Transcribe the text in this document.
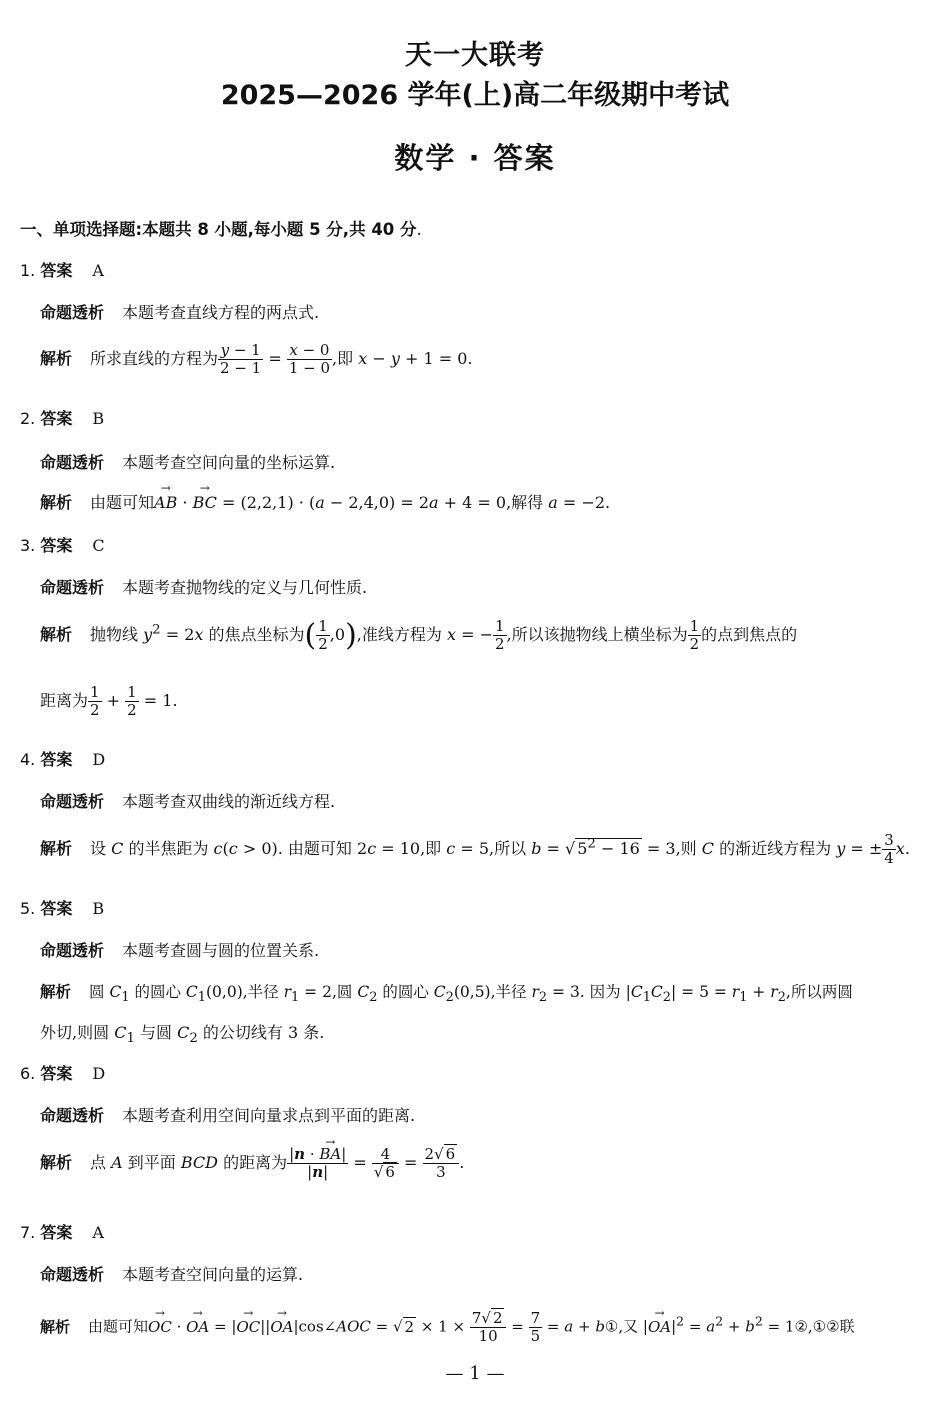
天一大联考
2025—2026 学年(上)高二年级期中考试
数学 · 答案
一、单项选择题:本题共 8 小题,每小题 5 分,共 40 分.
1. 答案 A
命题透析 本题考查直线方程的两点式.
解析 所求直线的方程为 $\frac{y - 1}{2 - 1} = \frac{x - 0}{1 - 0}$ ,即 x − y + 1 = 0.
2. 答案 B
命题透析 本题考查空间向量的坐标运算.
解析 由题可知→ AB · → BC = (2,2,1) · (a − 2,4,0) = 2a + 4 = 0,解得 a = −2.
3. 答案 C
命题透析 本题考查抛物线的定义与几何性质.
解析 抛物线 $y^2 = 2x$ 的焦点坐标为( $\frac{1}{2} ,0$),准线方程为 x = − $\frac{1}{2}$ ,所以该抛物线上横坐标为 $\frac{1}{2}$ 的点到焦点的
距离为 $\frac{1}{2} + \frac{1}{2} = 1$.
4. 答案 D
命题透析 本题考查双曲线的渐近线方程.
解析 设 C 的半焦距为 c(c > 0). 由题可知 2c = 10,即 c = 5,所以 b = √ $5^2 - 16 = 3$,则 C 的渐近线方程为 y = ± $\frac{3}{4} x$.
5. 答案 B
命题透析 本题考查圆与圆的位置关系.
解析 圆 $C_1$ 的圆心 $C_1(0,0)$,半径 $r_1 = 2$,圆 $C_2$ 的圆心 $C_2(0,5)$,半径 $r_2 = 3$. 因为 $|C_1C_2| = 5 = r_1 + r_2$,所以两圆
外切,则圆 $C_1$ 与圆 $C_2$ 的公切线有 3 条.
6. 答案 D
命题透析 本题考查利用空间向量求点到平面的距离.
解析 点 A 到平面 BCD 的距离为 $\frac{|n \cdot \to BA|}{|n|} = \frac{4}{√ 6} = \frac{2√ 6}{3}$ .
7. 答案 A
命题透析 本题考查空间向量的运算.
解析 由题可知→ OC · → OA = |→ OC||→ OA|cos∠AOC = √ $2 \times 1 \times \frac{7√ 2}{10} = \frac{7}{5} = a$ + b①,又 |→ $OA|^2 = a^2 + b^2$ = 1②,①②联
— 1 —
